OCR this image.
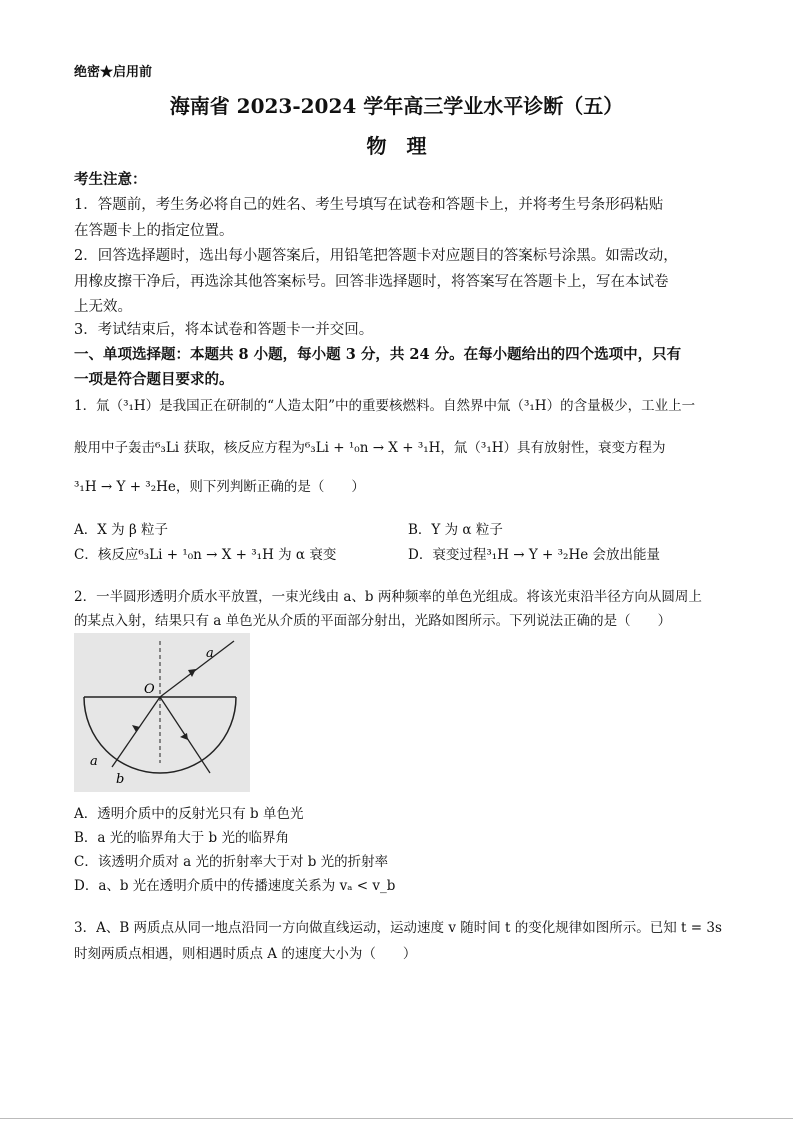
绝密★启用前
海南省 2023-2024 学年高三学业水平诊断（五）
物　理
考生注意：
1．答题前，考生务必将自己的姓名、考生号填写在试卷和答题卡上，并将考生号条形码粘贴
在答题卡上的指定位置。
2．回答选择题时，选出每小题答案后，用铅笔把答题卡对应题目的答案标号涂黑。如需改动，
用橡皮擦干净后，再选涂其他答案标号。回答非选择题时，将答案写在答题卡上，写在本试卷
上无效。
3．考试结束后，将本试卷和答题卡一并交回。
一、单项选择题：本题共 8 小题，每小题 3 分，共 24 分。在每小题给出的四个选项中，只有
一项是符合题目要求的。
1．氚（³₁H）是我国正在研制的“人造太阳”中的重要核燃料。自然界中氚（³₁H）的含量极少，工业上一
般用中子轰击⁶₃Li 获取，核反应方程为⁶₃Li + ¹₀n → X + ³₁H，氚（³₁H）具有放射性，衰变方程为
³₁H → Y + ³₂He，则下列判断正确的是（　　）
A．X 为 β 粒子	B．Y 为 α 粒子
C．核反应⁶₃Li + ¹₀n → X + ³₁H 为 α 衰变	D．衰变过程³₁H → Y + ³₂He 会放出能量
2．一半圆形透明介质水平放置，一束光线由 a、b 两种频率的单色光组成。将该光束沿半径方向从圆周上
的某点入射，结果只有 a 单色光从介质的平面部分射出，光路如图所示。下列说法正确的是（　　）
a
O
a
b
A．透明介质中的反射光只有 b 单色光
B．a 光的临界角大于 b 光的临界角
C．该透明介质对 a 光的折射率大于对 b 光的折射率
D．a、b 光在透明介质中的传播速度关系为 vₐ < v_b
3．A、B 两质点从同一地点沿同一方向做直线运动，运动速度 v 随时间 t 的变化规律如图所示。已知 t = 3s
时刻两质点相遇，则相遇时质点 A 的速度大小为（　　）
